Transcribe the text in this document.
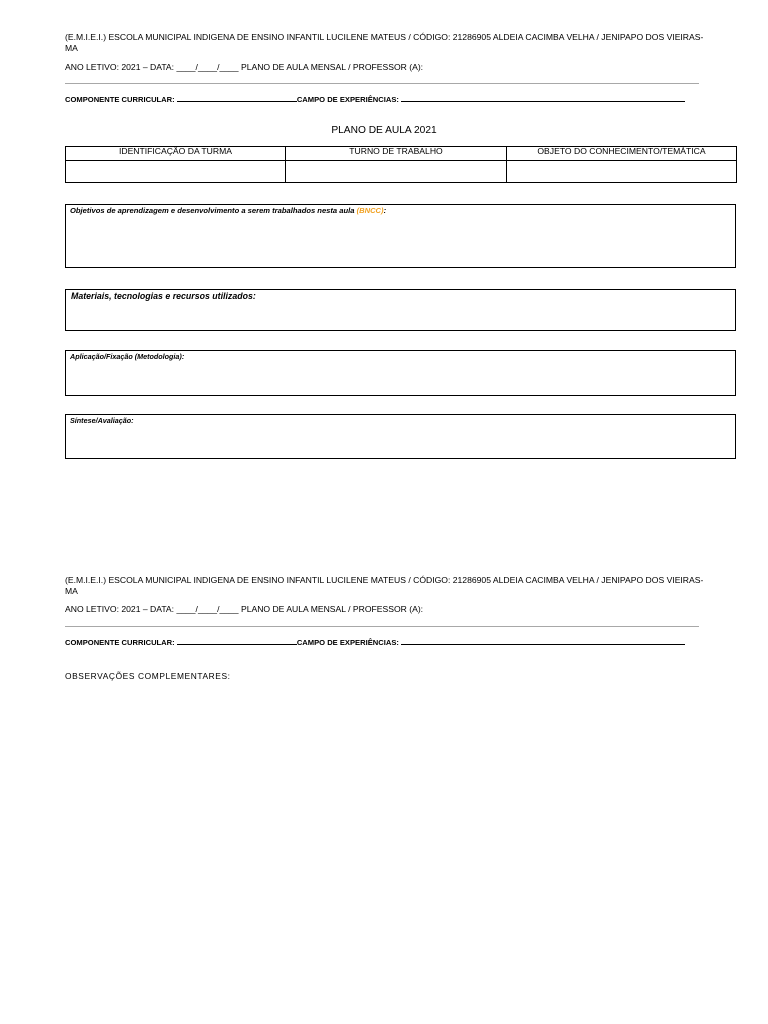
(E.M.I.E.I.) ESCOLA MUNICIPAL INDIGENA DE ENSINO INFANTIL LUCILENE MATEUS / CÓDIGO: 21286905 ALDEIA CACIMBA VELHA / JENIPAPO DOS VIEIRAS-MA
ANO LETIVO: 2021 – DATA: ____/____/____ PLANO DE AULA MENSAL / PROFESSOR (A):
COMPONENTE CURRICULAR:	CAMPO DE EXPERIÊNCIAS:
PLANO DE AULA 2021
IDENTIFICAÇÃO DA TURMA	TURNO DE TRABALHO	OBJETO DO CONHECIMENTO/TEMÁTICA

Objetivos de aprendizagem e desenvolvimento a serem trabalhados nesta aula (BNCC):
Materiais, tecnologias e recursos utilizados:
Aplicação/Fixação (Metodologia):
Síntese/Avaliação:
(E.M.I.E.I.) ESCOLA MUNICIPAL INDIGENA DE ENSINO INFANTIL LUCILENE MATEUS / CÓDIGO: 21286905 ALDEIA CACIMBA VELHA / JENIPAPO DOS VIEIRAS-MA
ANO LETIVO: 2021 – DATA: ____/____/____ PLANO DE AULA MENSAL / PROFESSOR (A):
COMPONENTE CURRICULAR:	CAMPO DE EXPERIÊNCIAS:
OBSERVAÇÕES COMPLEMENTARES:
